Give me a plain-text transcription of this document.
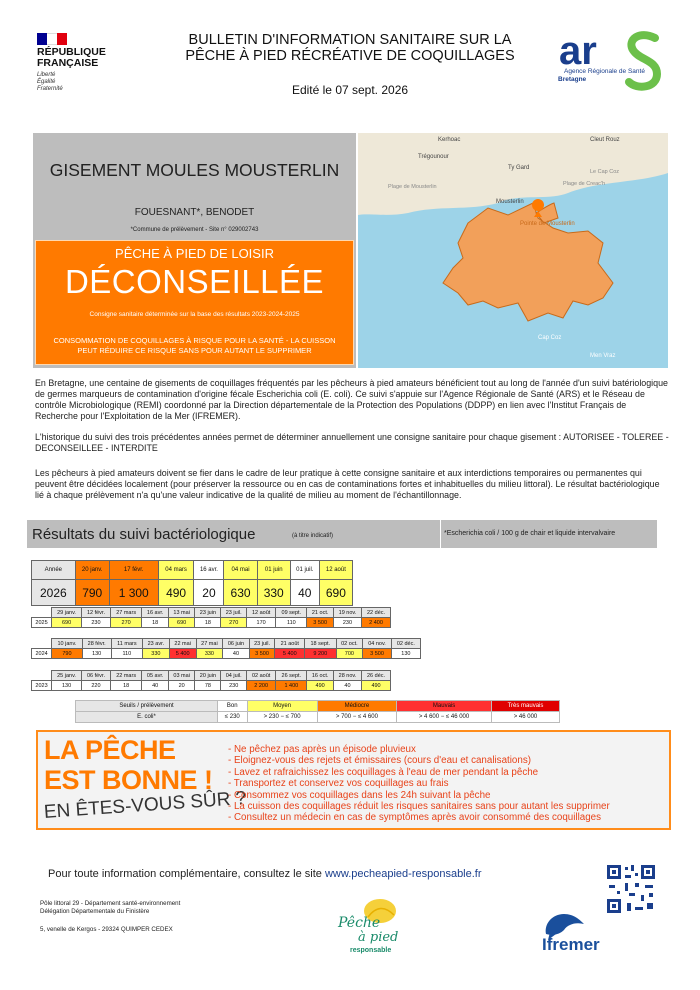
RÉPUBLIQUE
FRANÇAISE
Liberté
Égalité
Fraternité
BULLETIN D'INFORMATION SANITAIRE SUR LA
PÊCHE À PIED RÉCRÉATIVE DE COQUILLAGES
Edité le 07 sept. 2026
ar
Agence Régionale de Santé
Bretagne
GISEMENT MOULES MOUSTERLIN
FOUESNANT*, BENODET
*Commune de prélèvement - Site n° 029002743
PÊCHE À PIED DE LOISIR
DÉCONSEILLÉE
Consigne sanitaire déterminée sur la base des résultats 2023-2024-2025
CONSOMMATION DE COQUILLAGES À RISQUE POUR LA SANTÉ - LA CUISSON PEUT RÉDUIRE CE RISQUE SANS POUR AUTANT LE SUPPRIMER
Kerhoac	Cleut Rouz
Trégounour
Ty Gard
Plage de Mousterlin
Mousterlin
Pointe de Mousterlin
Le Cap Coz
Plage de Creac'h
Cap Coz
Men Vraz

En Bretagne, une centaine de gisements de coquillages fréquentés par les pêcheurs à pied amateurs bénéficient tout au long de l'année d'un suivi batériologique de germes marqueurs de contamination d'origine fécale Escherichia coli (E. coli). Ce suivi s'appuie sur l'Agence Régionale de Santé (ARS) et le Réseau de contrôle Microbiologique (REMI) coordonné par la Direction départementale de la Protection des Populations (DDPP) en lien avec l'Institut Français de Recherche pour l'Exploitation de la Mer (IFREMER).

L'historique du suivi des trois précédentes années permet de déterminer annuellement une consigne sanitaire pour chaque gisement : AUTORISEE - TOLEREE - DECONSEILLEE - INTERDITE

Les pêcheurs à pied amateurs doivent se fier dans le cadre de leur pratique à cette consigne sanitaire et aux interdictions temporaires ou permanentes qui peuvent être décidées localement (pour préserver la ressource ou en cas de contaminations fortes et inhabituelles du milieu littoral). Le résultat bactériologique lié à chaque prélèvement n'a qu'une valeur indicative de la qualité de milieu au moment de l'échantillonnage.

Résultats du suivi bactériologique	(à titre indicatif)	*Escherichia coli / 100 g de chair et liquide intervalvaire
Année	20 janv.	17 févr.	04 mars	16 avr.	04 mai	01 juin	01 juil.	12 août
2026	790	1 300	490	20	630	330	40	690
	29 janv.	12 févr.	27 mars	16 avr.	13 mai	23 juin	23 juil.	12 août	09 sept.	21 oct.	19 nov.	22 déc.
2025	690	230	270	18	690	18	270	170	110	3 500	230	2 400
	10 janv.	28 févr.	11 mars	23 avr.	22 mai	27 mai	06 juin	23 juil.	21 août	18 sept.	02 oct.	04 nov.	02 déc.
2024	790	130	110	330	5 400	330	40	3 500	5 400	9 200	700	3 500	130
	25 janv.	06 févr.	22 mars	05 avr.	03 mai	20 juin	04 juil.	02 août	26 sept.	16 oct.	28 nov.	26 déc.
2023	130	220	18	40	20	78	230	2 200	1 400	490	40	490
Seuils / prélèvement	Bon	Moyen	Médiocre	Mauvais	Très mauvais
E. coli*	≤ 230	> 230 − ≤ 700	> 700 − ≤ 4 600	> 4 600 − ≤ 46 000	> 46 000
LA PÊCHE
EST BONNE !
EN ÊTES-VOUS SÛR ?
- Ne pêchez pas après un épisode pluvieux
- Eloignez-vous des rejets et émissaires (cours d'eau et canalisations)
- Lavez et rafraichissez les coquillages à l'eau de mer pendant la pêche
- Transportez et conservez vos coquillages au frais
- Consommez vos coquillages dans les 24h suivant la pêche
- La cuisson des coquillages réduit les risques sanitaires sans pour autant les supprimer
- Consultez un médecin en cas de symptômes après avoir consommé des coquillages
Pour toute information complémentaire, consultez le site www.pecheapied-responsable.fr
Pôle littoral 29 - Département santé-environnement
Délégation Départementale du Finistère
5, venelle de Kergos - 29324 QUIMPER CEDEX	Pêche
à pied
responsable	Ifremer
